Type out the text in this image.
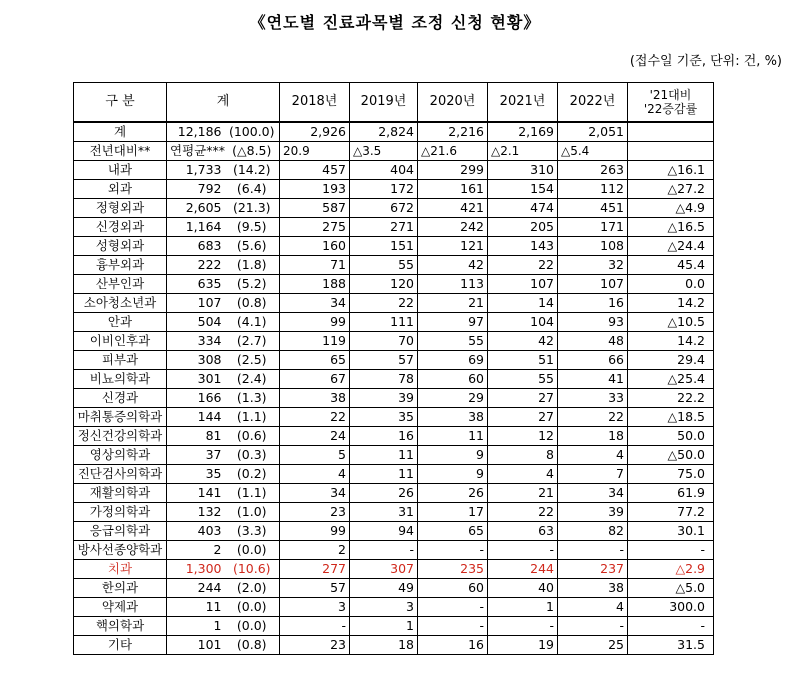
《연도별 진료과목별 조정 신청 현황》
(접수일 기준, 단위: 건, %)
구 분	계		2018년	2019년	2020년	2021년	2022년	'21대비
'22증감률

계	12,186	(100.0)	2,926	2,824	2,216	2,169	2,051	
전년대비**	연평균***	(△8.5)	20.9	△3.5	△21.6	△2.1	△5.4	
내과	1,733	(14.2)	457	404	299	310	263	△16.1
외과	792	(6.4)	193	172	161	154	112	△27.2
정형외과	2,605	(21.3)	587	672	421	474	451	△4.9
신경외과	1,164	(9.5)	275	271	242	205	171	△16.5
성형외과	683	(5.6)	160	151	121	143	108	△24.4
흉부외과	222	(1.8)	71	55	42	22	32	45.4
산부인과	635	(5.2)	188	120	113	107	107	0.0
소아청소년과	107	(0.8)	34	22	21	14	16	14.2
안과	504	(4.1)	99	111	97	104	93	△10.5
이비인후과	334	(2.7)	119	70	55	42	48	14.2
피부과	308	(2.5)	65	57	69	51	66	29.4
비뇨의학과	301	(2.4)	67	78	60	55	41	△25.4
신경과	166	(1.3)	38	39	29	27	33	22.2
마취통증의학과	144	(1.1)	22	35	38	27	22	△18.5
정신건강의학과	81	(0.6)	24	16	11	12	18	50.0
영상의학과	37	(0.3)	5	11	9	8	4	△50.0
진단검사의학과	35	(0.2)	4	11	9	4	7	75.0
재활의학과	141	(1.1)	34	26	26	21	34	61.9
가정의학과	132	(1.0)	23	31	17	22	39	77.2
응급의학과	403	(3.3)	99	94	65	63	82	30.1
방사선종양학과	2	(0.0)	2	-	-	-	-	-
치과	1,300	(10.6)	277	307	235	244	237	△2.9
한의과	244	(2.0)	57	49	60	40	38	△5.0
약제과	11	(0.0)	3	3	-	1	4	300.0
핵의학과	1	(0.0)	-	1	-	-	-	-
기타	101	(0.8)	23	18	16	19	25	31.5
